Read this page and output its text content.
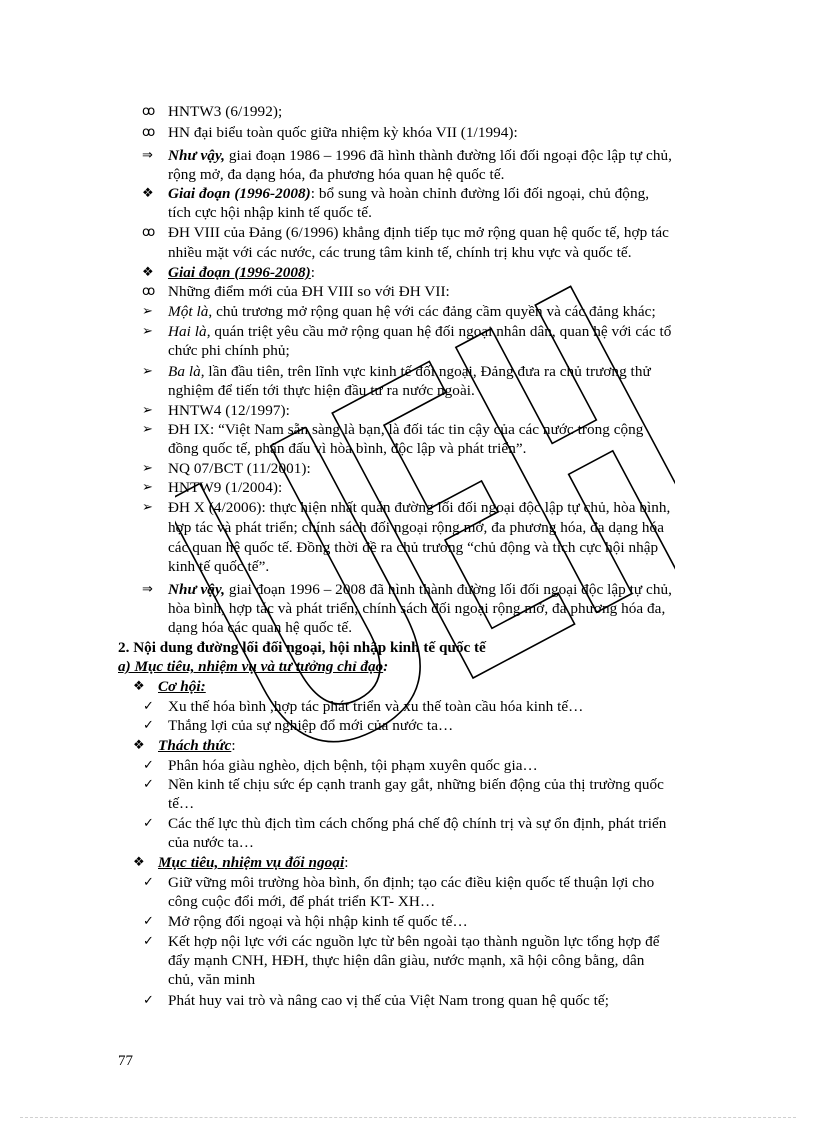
ꝏ HNTW3 (6/1992);
ꝏ HN đại biểu toàn quốc giữa nhiệm kỳ khóa VII (1/1994):
⇒ Như vậy, giai đoạn 1986 – 1996 đã hình thành đường lối đối ngoại độc lập tự chủ,
rộng mở, đa dạng hóa, đa phương hóa quan hệ quốc tế.
❖ Giai đoạn (1996-2008): bổ sung và hoàn chỉnh đường lối đối ngoại, chủ động,
tích cực hội nhập kinh tế quốc tế.
ꝏ ĐH VIII của Đảng (6/1996) khẳng định tiếp tục mở rộng quan hệ quốc tế, hợp tác
nhiều mặt với các nước, các trung tâm kinh tế, chính trị khu vực và quốc tế.
❖ Giai đoạn (1996-2008):
ꝏ Những điểm mới của ĐH VIII so với ĐH VII:
➢ Một là, chủ trương mở rộng quan hệ với các đảng cầm quyền và các đảng khác;
➢ Hai là, quán triệt yêu cầu mở rộng quan hệ đối ngoại nhân dân, quan hệ với các tổ
chức phi chính phủ;
➢ Ba là, lần đầu tiên, trên lĩnh vực kinh tế đối ngoại, Đảng đưa ra chủ trương thử
nghiệm để tiến tới thực hiện đầu tư ra nước ngoài.
➢ HNTW4 (12/1997):
➢ ĐH IX: “Việt Nam sẵn sàng là bạn, là đối tác tin cậy của các nước trong cộng
đồng quốc tế, phấn đấu vì hòa bình, độc lập và phát triển”.
➢ NQ 07/BCT (11/2001):
➢ HNTW9 (1/2004):
➢ ĐH X (4/2006): thực hiện nhất quán đường lối đối ngoại độc lập tự chủ, hòa bình,
hợp tác và phát triển; chính sách đối ngoại rộng mở, đa phương hóa, đa dạng hóa
các quan hệ quốc tế. Đồng thời đề ra chủ trương “chủ động và tích cực hội nhập
kinh tế quốc tế”.
⇒ Như vậy, giai đoạn 1996 – 2008 đã hình thành đường lối đối ngoại độc lập tự chủ,
hòa bình, hợp tác và phát triển; chính sách đối ngoại rộng mở, đa phương hóa đa,
dạng hóa các quan hệ quốc tế.
2. Nội dung đường lối đối ngoại, hội nhập kinh tế quốc tế
a) Mục tiêu, nhiệm vụ và tư tưởng chỉ đạo:
❖ Cơ hội:
✓ Xu thế hóa bình ,hợp tác phát triển và xu thế toàn cầu hóa kinh tế…
✓ Thắng lợi của sự nghiệp đổ mới của nước ta…
❖ Thách thức:
✓ Phân hóa giàu nghèo, dịch bệnh, tội phạm xuyên quốc gia…
✓ Nền kinh tế chịu sức ép cạnh tranh gay gắt, những biến động của thị trường quốc
tế…
✓ Các thế lực thù địch tìm cách chống phá chế độ chính trị và sự ổn định, phát triển
của nước ta…
❖ Mục tiêu, nhiệm vụ đối ngoại:
✓ Giữ vững môi trường hòa bình, ổn định; tạo các điều kiện quốc tế thuận lợi cho
công cuộc đổi mới, để phát triển KT- XH…
✓ Mở rộng đối ngoại và hội nhập kinh tế quốc tế…
✓ Kết hợp nội lực với các nguồn lực từ bên ngoài tạo thành nguồn lực tổng hợp để
đẩy mạnh CNH, HĐH, thực hiện dân giàu, nước mạnh, xã hội công bằng, dân
chủ, văn minh
✓ Phát huy vai trò và nâng cao vị thế của Việt Nam trong quan hệ quốc tế;
77
